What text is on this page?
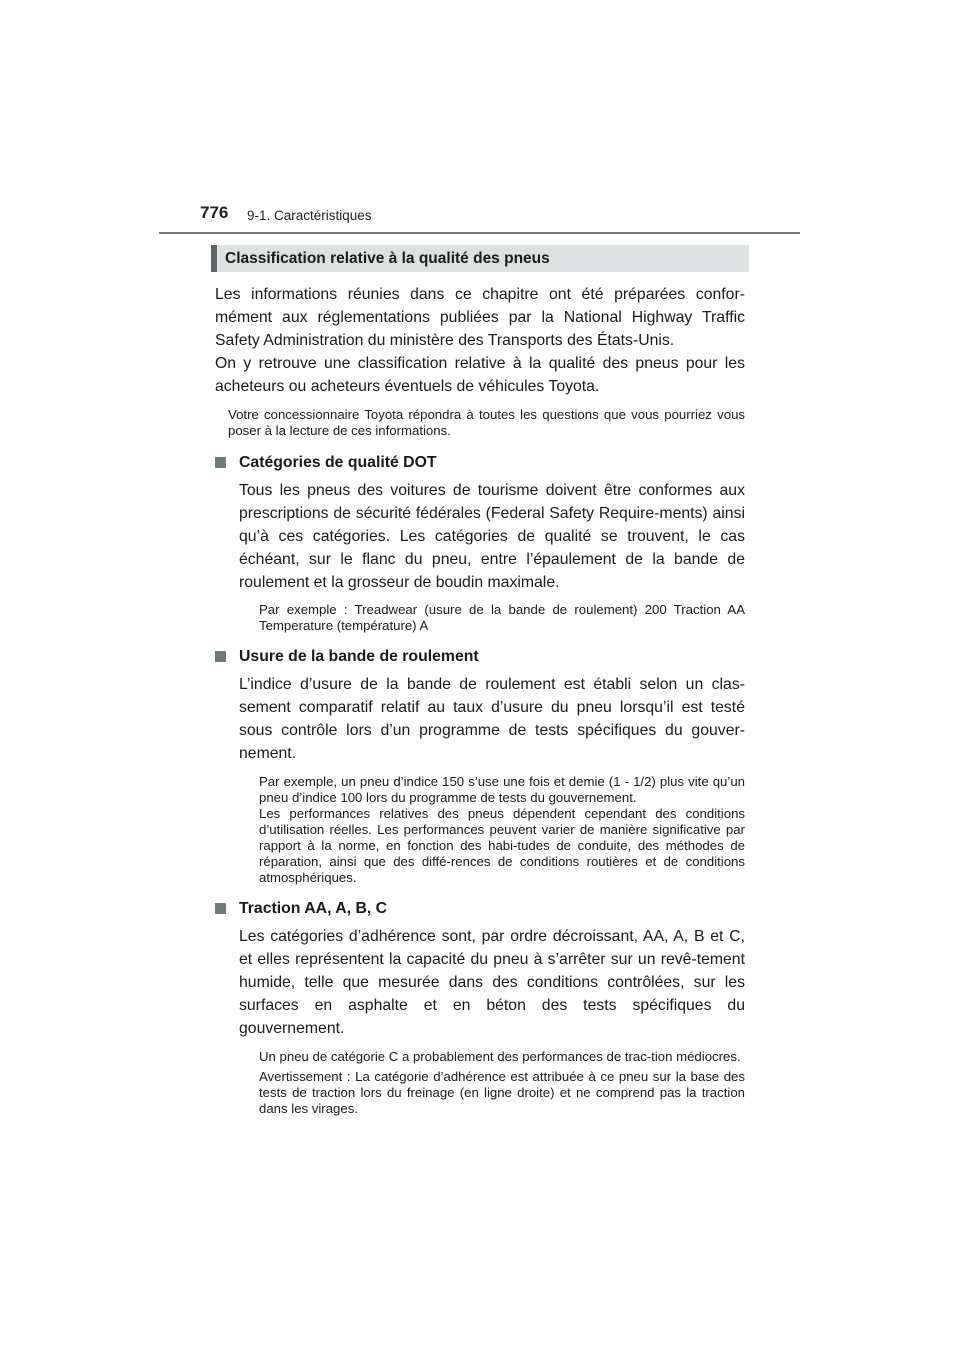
776 9-1. Caractéristiques
Classification relative à la qualité des pneus

Les informations réunies dans ce chapitre ont été préparées confor-mément aux réglementations publiées par la National Highway Traffic Safety Administration du ministère des Transports des États-Unis.

On y retrouve une classification relative à la qualité des pneus pour les acheteurs ou acheteurs éventuels de véhicules Toyota.

Votre concessionnaire Toyota répondra à toutes les questions que vous pourriez vous poser à la lecture de ces informations.

Catégories de qualité DOT

Tous les pneus des voitures de tourisme doivent être conformes aux prescriptions de sécurité fédérales (Federal Safety Require-ments) ainsi qu’à ces catégories. Les catégories de qualité se trouvent, le cas échéant, sur le flanc du pneu, entre l’épaulement de la bande de roulement et la grosseur de boudin maximale.

Par exemple : Treadwear (usure de la bande de roulement) 200 Traction AA Temperature (température) A

Usure de la bande de roulement

L’indice d’usure de la bande de roulement est établi selon un clas-sement comparatif relatif au taux d’usure du pneu lorsqu’il est testé sous contrôle lors d’un programme de tests spécifiques du gouver-nement.

Par exemple, un pneu d’indice 150 s’use une fois et demie (1 - 1/2) plus vite qu’un pneu d’indice 100 lors du programme de tests du gouvernement.

Les performances relatives des pneus dépendent cependant des conditions d’utilisation réelles. Les performances peuvent varier de manière significative par rapport à la norme, en fonction des habi-tudes de conduite, des méthodes de réparation, ainsi que des diffé-rences de conditions routières et de conditions atmosphériques.

Traction AA, A, B, C

Les catégories d’adhérence sont, par ordre décroissant, AA, A, B et C, et elles représentent la capacité du pneu à s’arrêter sur un revê-tement humide, telle que mesurée dans des conditions contrôlées, sur les surfaces en asphalte et en béton des tests spécifiques du gouvernement.

Un pneu de catégorie C a probablement des performances de trac-tion médiocres.

Avertissement : La catégorie d’adhérence est attribuée à ce pneu sur la base des tests de traction lors du freinage (en ligne droite) et ne comprend pas la traction dans les virages.
